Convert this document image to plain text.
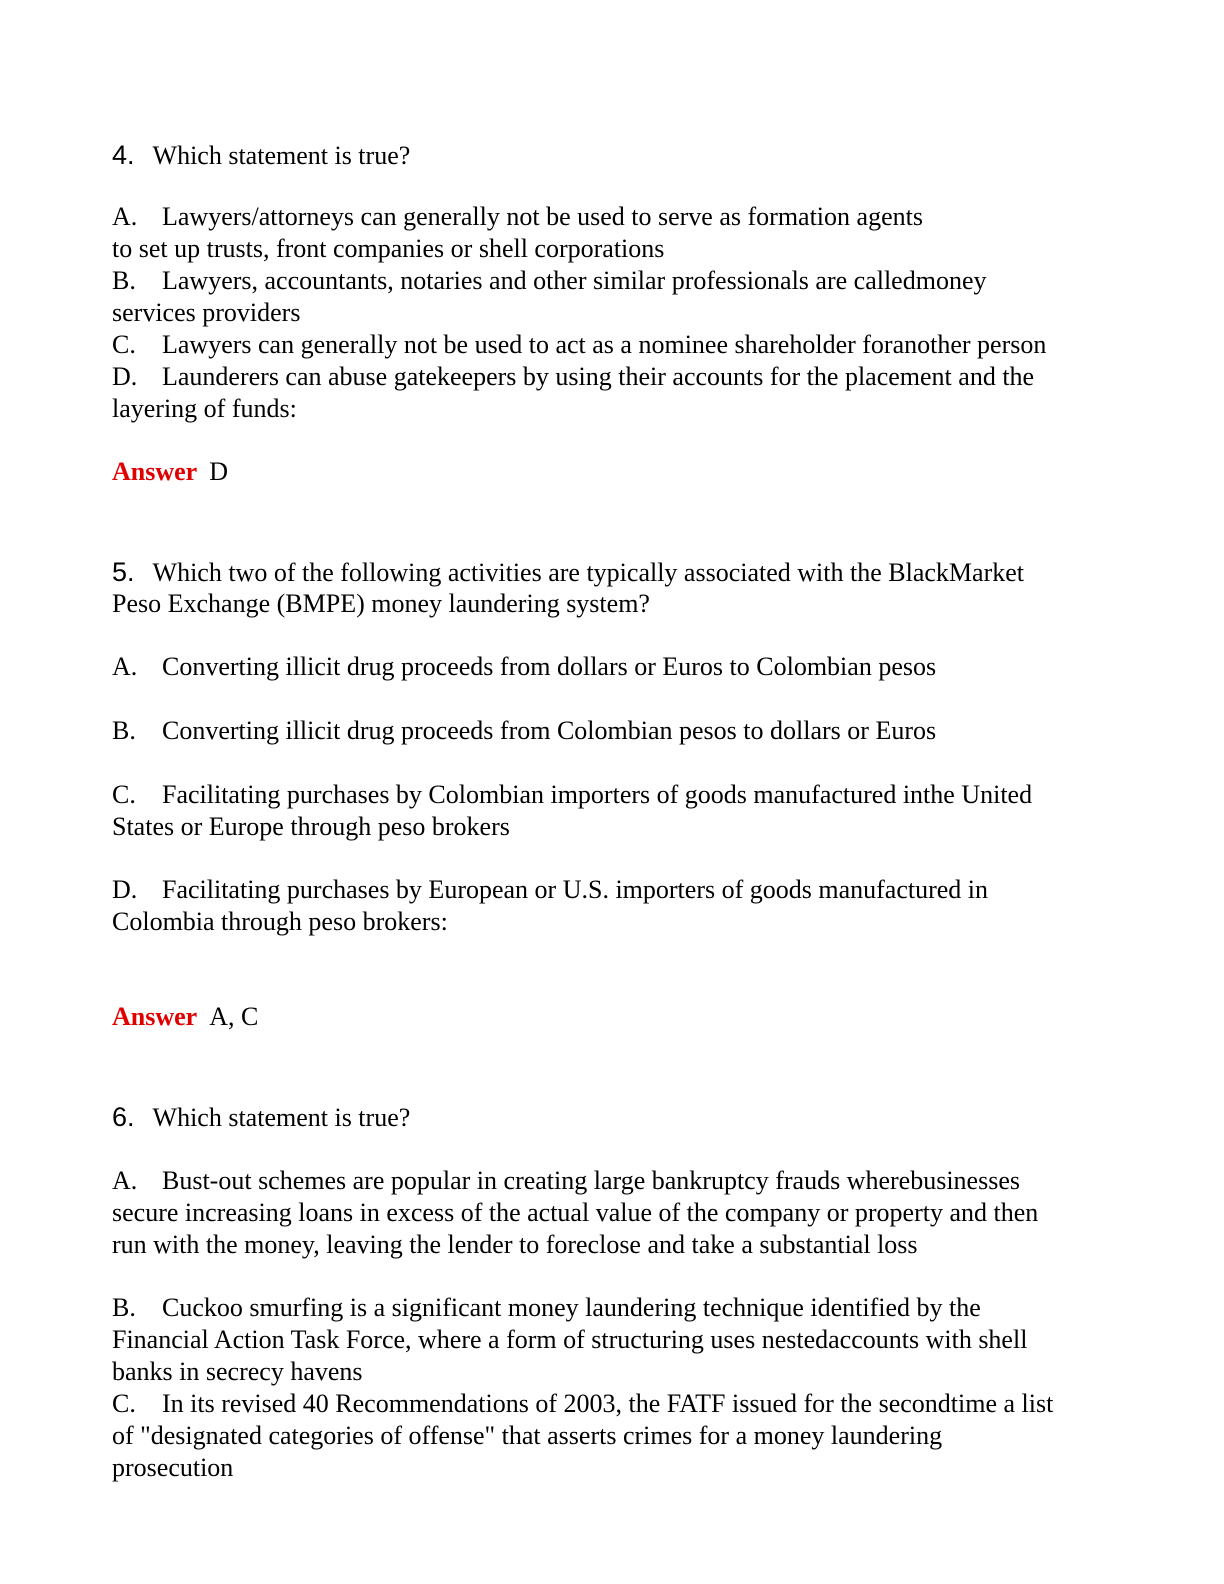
4. Which statement is true?
A. Lawyers/attorneys can generally not be used to serve as formation agents
to set up trusts, front companies or shell corporations
B. Lawyers, accountants, notaries and other similar professionals are calledmoney
services providers
C. Lawyers can generally not be used to act as a nominee shareholder foranother person
D. Launderers can abuse gatekeepers by using their accounts for the placement and the
layering of funds:
Answer D
5. Which two of the following activities are typically associated with the BlackMarket
Peso Exchange (BMPE) money laundering system?
A. Converting illicit drug proceeds from dollars or Euros to Colombian pesos
B. Converting illicit drug proceeds from Colombian pesos to dollars or Euros
C. Facilitating purchases by Colombian importers of goods manufactured inthe United
States or Europe through peso brokers
D. Facilitating purchases by European or U.S. importers of goods manufactured in
Colombia through peso brokers:
Answer A, C
6. Which statement is true?
A. Bust-out schemes are popular in creating large bankruptcy frauds wherebusinesses
secure increasing loans in excess of the actual value of the company or property and then
run with the money, leaving the lender to foreclose and take a substantial loss
B. Cuckoo smurfing is a significant money laundering technique identified by the
Financial Action Task Force, where a form of structuring uses nestedaccounts with shell
banks in secrecy havens
C. In its revised 40 Recommendations of 2003, the FATF issued for the secondtime a list
of "designated categories of offense" that asserts crimes for a money laundering
prosecution
